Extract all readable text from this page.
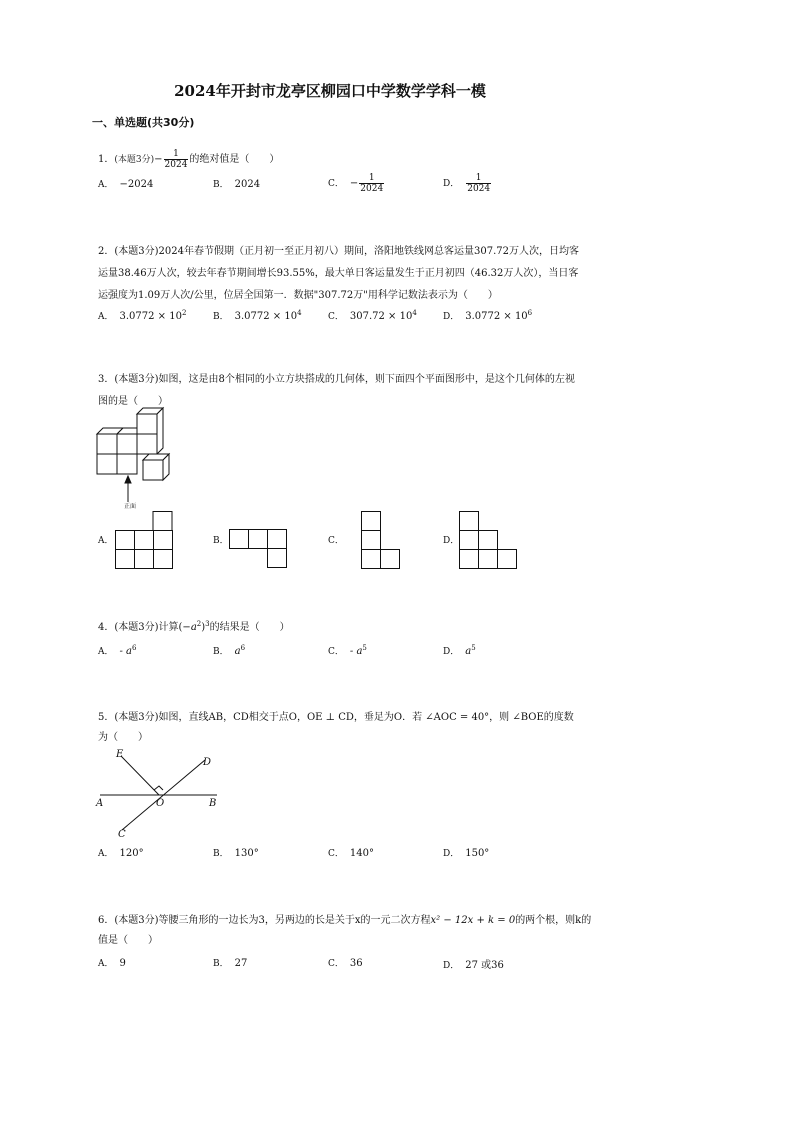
2024年开封市龙亭区柳园口中学数学学科一模
一、单选题(共30分)
1．(本题3分)− $\frac{1}{2024}$ 的绝对值是（　　）
A． −2024	B． 2024	C． − $\frac{1}{2024}$	D． $\frac{1}{2024}$
2．(本题3分)2024年春节假期（正月初一至正月初八）期间，洛阳地铁线网总客运量307.72万人次，日均客
运量38.46万人次，较去年春节期间增长93.55%，最大单日客运量发生于正月初四（46.32万人次），当日客
运强度为1.09万人次/公里，位居全国第一．数据"307.72万"用科学记数法表示为（　　）
A． $3.0772 \times 10^2$	B． $3.0772 \times 10^4$	C． $307.72 \times 10^4$	D． $3.0772 \times 10^6$
3．(本题3分)如图，这是由8个相同的小立方块搭成的几何体，则下面四个平面图形中，是这个几何体的左视
图的是（　　）
正面
A．	B．	C．	D．
4．(本题3分)计算$(-a^2)^3$的结果是（　　）
A． - $a^6$	B． $a^6$	C． - $a^5$	D． $a^5$
5．(本题3分)如图，直线AB，CD相交于点O，OE ⊥ CD，垂足为O．若 ∠AOC = 40°，则 ∠BOE的度数
为（　　）
E
D
A	O	B
C
A． 120°	B． 130°	C． 140°	D． 150°
6．(本题3分)等腰三角形的一边长为3，另两边的长是关于x的一元二次方程x² − 12x + k = 0的两个根，则k的
值是（　　）
A． 9	B． 27	C． 36	D． 27 或36
